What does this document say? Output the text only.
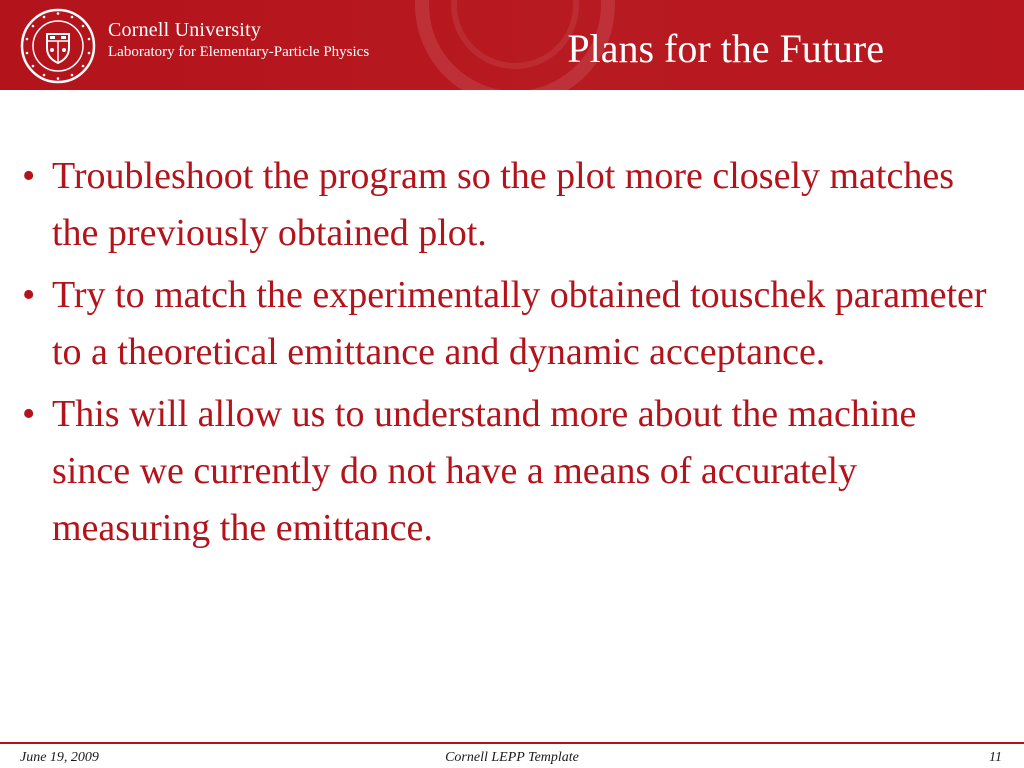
Cornell University
Laboratory for Elementary-Particle Physics	Plans for the Future
• Troubleshoot the program so the plot more closely matches the previously obtained plot.
• Try to match the experimentally obtained touschek parameter to a theoretical emittance and dynamic acceptance.
• This will allow us to understand more about the machine since we currently do not have a means of accurately measuring the emittance.
June 19, 2009	Cornell LEPP Template	11
